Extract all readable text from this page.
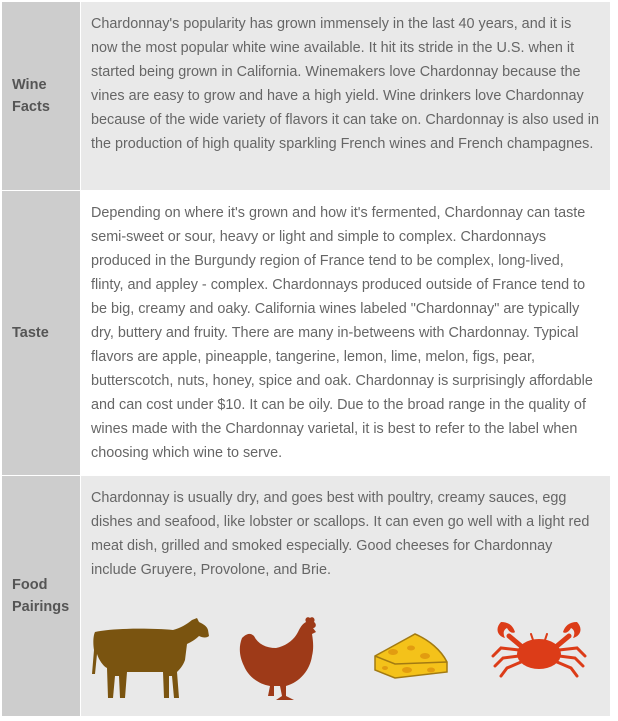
Wine Facts	Chardonnay's popularity has grown immensely in the last 40 years, and it is now the most popular white wine available. It hit its stride in the U.S. when it started being grown in California. Winemakers love Chardonnay because the vines are easy to grow and have a high yield. Wine drinkers love Chardonnay because of the wide variety of flavors it can take on. Chardonnay is also used in the production of high quality sparkling French wines and French champagnes.

Taste	Depending on where it's grown and how it's fermented, Chardonnay can taste semi-sweet or sour, heavy or light and simple to complex. Chardonnays produced in the Burgundy region of France tend to be complex, long-lived, flinty, and appley - complex. Chardonnays produced outside of France tend to be big, creamy and oaky. California wines labeled "Chardonnay" are typically dry, buttery and fruity. There are many in-betweens with Chardonnay. Typical flavors are apple, pineapple, tangerine, lemon, lime, melon, figs, pear, butterscotch, nuts, honey, spice and oak. Chardonnay is surprisingly affordable and can cost under $10. It can be oily. Due to the broad range in the quality of wines made with the Chardonnay varietal, it is best to refer to the label when choosing which wine to serve.

Food Pairings	Chardonnay is usually dry, and goes best with poultry, creamy sauces, egg dishes and seafood, like lobster or scallops. It can even go well with a light red meat dish, grilled and smoked especially. Good cheeses for Chardonnay include Gruyere, Provolone, and Brie.
